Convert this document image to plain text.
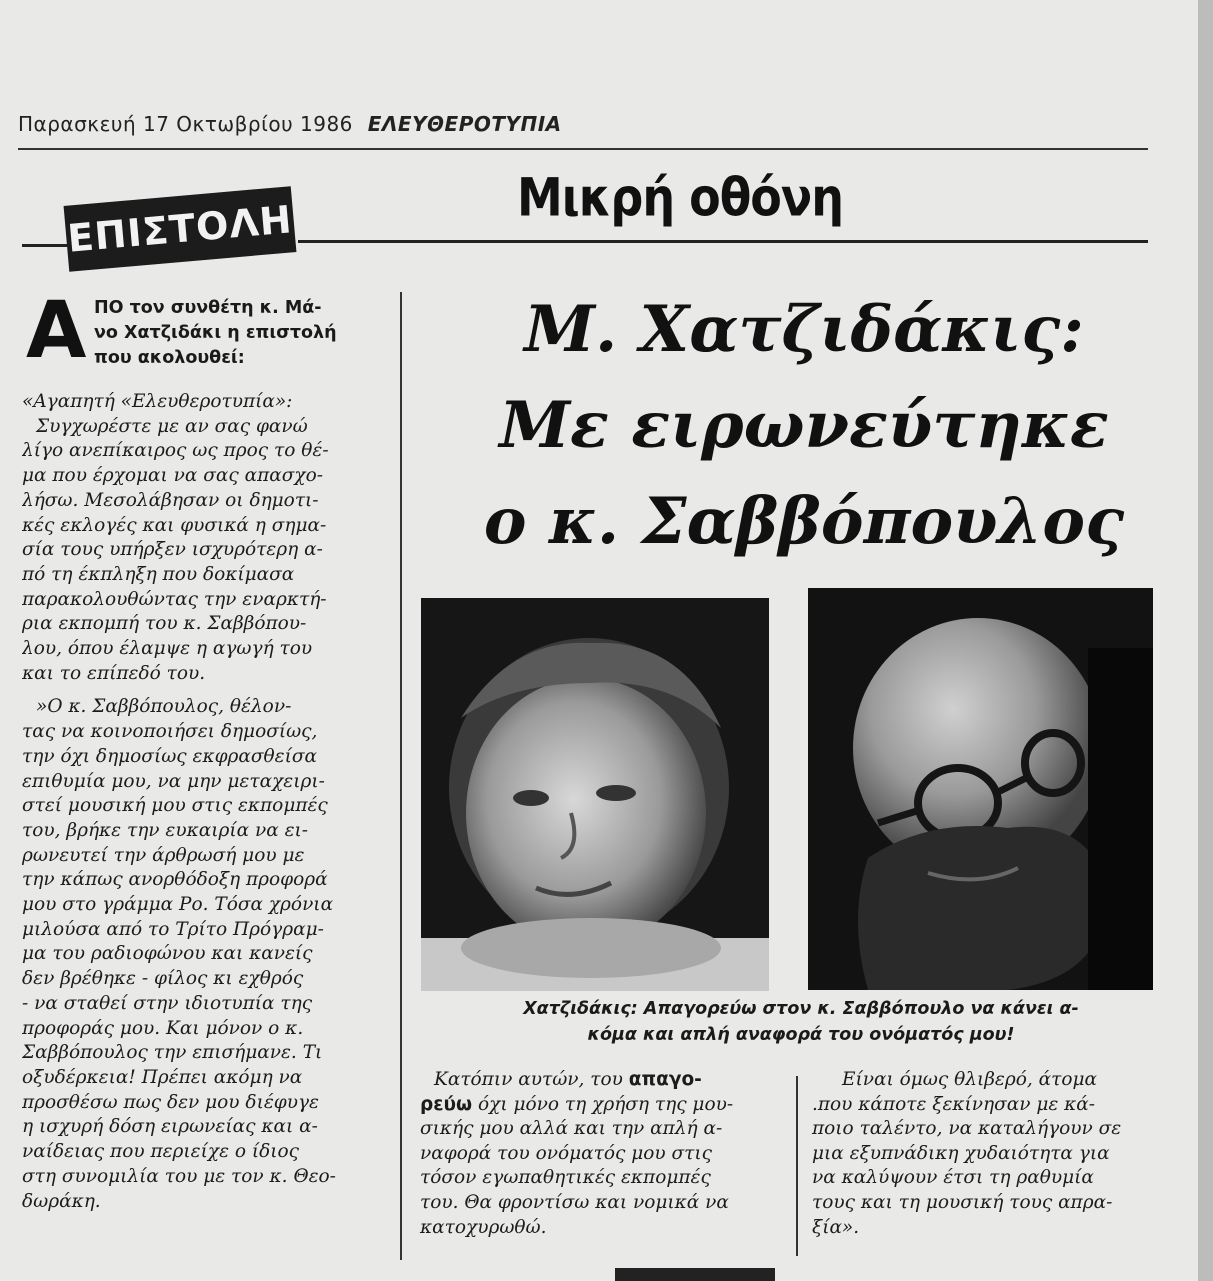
Παρασκευή 17 Οκτωβρίου 1986 ΕΛΕΥΘΕΡΟΤΥΠΙΑ
Μικρή οθόνη
ΕΠΙΣΤΟΛΗ
Α ΠΟ τον συνθέτη κ. Μά-
νο Χατζιδάκι η επιστολή
που ακολουθεί:
«Αγαπητή «Ελευθεροτυπία»:
Συγχωρέστε με αν σας φανώ
λίγο ανεπίκαιρος ως προς το θέ-
μα που έρχομαι να σας απασχο-
λήσω. Μεσολάβησαν οι δημοτι-
κές εκλογές και φυσικά η σημα-
σία τους υπήρξεν ισχυρότερη α-
πό τη έκπληξη που δοκίμασα
παρακολουθώντας την εναρκτή-
ρια εκπομπή του κ. Σαββόπου-
λου, όπου έλαμψε η αγωγή του
και το επίπεδό του.
»Ο κ. Σαββόπουλος, θέλον-
τας να κοινοποιήσει δημοσίως,
την όχι δημοσίως εκφρασθείσα
επιθυμία μου, να μην μεταχειρι-
στεί μουσική μου στις εκπομπές
του, βρήκε την ευκαιρία να ει-
ρωνευτεί την άρθρωσή μου με
την κάπως ανορθόδοξη προφορά
μου στο γράμμα Ρο. Τόσα χρόνια
μιλούσα από το Τρίτο Πρόγραμ-
μα του ραδιοφώνου και κανείς
δεν βρέθηκε - φίλος κι εχθρός
- να σταθεί στην ιδιοτυπία της
προφοράς μου. Και μόνον ο κ.
Σαββόπουλος την επισήμανε. Τι
οξυδέρκεια! Πρέπει ακόμη να
προσθέσω πως δεν μου διέφυγε
η ισχυρή δόση ειρωνείας και α-
ναίδειας που περιείχε ο ίδιος
στη συνομιλία του με τον κ. Θεο-
δωράκη.
Μ. Χατζιδάκις:
Με ειρωνεύτηκε
ο κ. Σαββόπουλος
Χατζιδάκις: Απαγορεύω στον κ. Σαββόπουλο να κάνει α-
κόμα και απλή αναφορά του ονόματός μου!
Κατόπιν αυτών, του απαγο-
ρεύω όχι μόνο τη χρήση της μου-
σικής μου αλλά και την απλή α-
ναφορά του ονόματός μου στις
τόσον εγωπαθητικές εκπομπές
του. Θα φροντίσω και νομικά να
κατοχυρωθώ.
Είναι όμως θλιβερό, άτομα
.που κάποτε ξεκίνησαν με κά-
ποιο ταλέντο, να καταλήγουν σε
μια εξυπνάδικη χυδαιότητα για
να καλύψουν έτσι τη ραθυμία
τους και τη μουσική τους απρα-
ξία».
